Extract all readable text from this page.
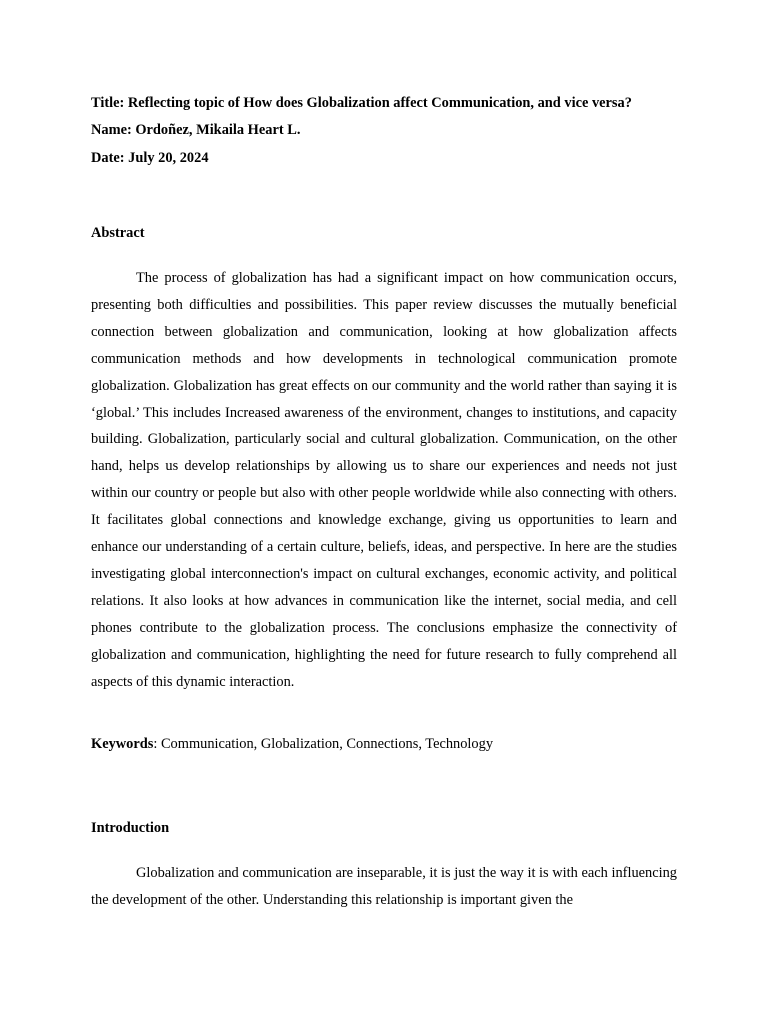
Title: Reflecting topic of How does Globalization affect Communication, and vice versa?
Name: Ordoñez, Mikaila Heart L.
Date: July 20, 2024
Abstract

The process of globalization has had a significant impact on how communication occurs, presenting both difficulties and possibilities. This paper review discusses the mutually beneficial connection between globalization and communication, looking at how globalization affects communication methods and how developments in technological communication promote globalization. Globalization has great effects on our community and the world rather than saying it is ‘global.’ This includes Increased awareness of the environment, changes to institutions, and capacity building. Globalization, particularly social and cultural globalization. Communication, on the other hand, helps us develop relationships by allowing us to share our experiences and needs not just within our country or people but also with other people worldwide while also connecting with others. It facilitates global connections and knowledge exchange, giving us opportunities to learn and enhance our understanding of a certain culture, beliefs, ideas, and perspective. In here are the studies investigating global interconnection's impact on cultural exchanges, economic activity, and political relations. It also looks at how advances in communication like the internet, social media, and cell phones contribute to the globalization process. The conclusions emphasize the connectivity of globalization and communication, highlighting the need for future research to fully comprehend all aspects of this dynamic interaction.

Keywords: Communication, Globalization, Connections, Technology
Introduction

Globalization and communication are inseparable, it is just the way it is with each influencing the development of the other. Understanding this relationship is important given the
